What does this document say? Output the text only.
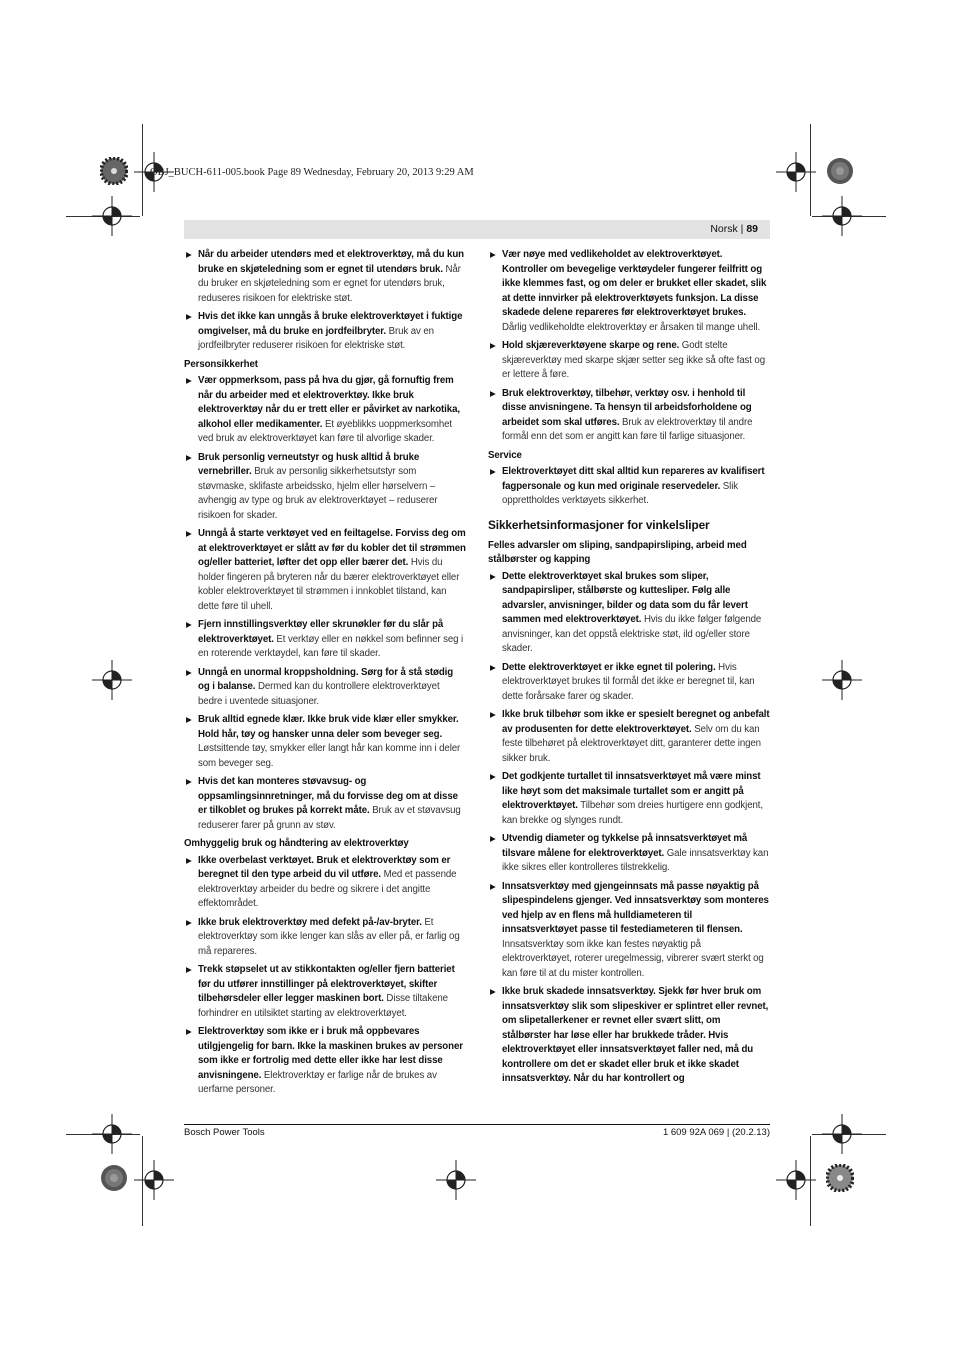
OBJ_BUCH-611-005.book Page 89 Wednesday, February 20, 2013 9:29 AM
Norsk | 89

▶ Når du arbeider utendørs med et elektroverktøy, må du kun bruke en skjøteledning som er egnet til utendørs bruk. Når du bruker en skjøteledning som er egnet for utendørs bruk, reduseres risikoen for elektriske støt.

▶ Hvis det ikke kan unngås å bruke elektroverktøyet i fuktige omgivelser, må du bruke en jordfeilbryter. Bruk av en jordfeilbryter reduserer risikoen for elektriske støt.

Personsikkerhet

▶ Vær oppmerksom, pass på hva du gjør, gå fornuftig frem når du arbeider med et elektroverktøy. Ikke bruk elektroverktøy når du er trett eller er påvirket av narkotika, alkohol eller medikamenter. Et øyeblikks uoppmerksomhet ved bruk av elektroverktøyet kan føre til alvorlige skader.

▶ Bruk personlig verneutstyr og husk alltid å bruke vernebriller. Bruk av personlig sikkerhetsutstyr som støvmaske, sklifaste arbeidssko, hjelm eller hørselvern – avhengig av type og bruk av elektroverktøyet – reduserer risikoen for skader.

▶ Unngå å starte verktøyet ved en feiltagelse. Forviss deg om at elektroverktøyet er slått av før du kobler det til strømmen og/eller batteriet, løfter det opp eller bærer det. Hvis du holder fingeren på bryteren når du bærer elektroverktøyet eller kobler elektroverktøyet til strømmen i innkoblet tilstand, kan dette føre til uhell.

▶ Fjern innstillingsverktøy eller skrunøkler før du slår på elektroverktøyet. Et verktøy eller en nøkkel som befinner seg i en roterende verktøydel, kan føre til skader.

▶ Unngå en unormal kroppsholdning. Sørg for å stå stødig og i balanse. Dermed kan du kontrollere elektroverktøyet bedre i uventede situasjoner.

▶ Bruk alltid egnede klær. Ikke bruk vide klær eller smykker. Hold hår, tøy og hansker unna deler som beveger seg. Løstsittende tøy, smykker eller langt hår kan komme inn i deler som beveger seg.

▶ Hvis det kan monteres støvavsug- og oppsamlingsinnretninger, må du forvisse deg om at disse er tilkoblet og brukes på korrekt måte. Bruk av et støvavsug reduserer farer på grunn av støv.

Omhyggelig bruk og håndtering av elektroverktøy

▶ Ikke overbelast verktøyet. Bruk et elektroverktøy som er beregnet til den type arbeid du vil utføre. Med et passende elektroverktøy arbeider du bedre og sikrere i det angitte effektområdet.

▶ Ikke bruk elektroverktøy med defekt på-/av-bryter. Et elektroverktøy som ikke lenger kan slås av eller på, er farlig og må repareres.

▶ Trekk støpselet ut av stikkontakten og/eller fjern batteriet før du utfører innstillinger på elektroverktøyet, skifter tilbehørsdeler eller legger maskinen bort. Disse tiltakene forhindrer en utilsiktet starting av elektroverktøyet.

▶ Elektroverktøy som ikke er i bruk må oppbevares utilgjengelig for barn. Ikke la maskinen brukes av personer som ikke er fortrolig med dette eller ikke har lest disse anvisningene. Elektroverktøy er farlige når de brukes av uerfarne personer.

▶ Vær nøye med vedlikeholdet av elektroverktøyet. Kontroller om bevegelige verktøydeler fungerer feilfritt og ikke klemmes fast, og om deler er brukket eller skadet, slik at dette innvirker på elektroverktøyets funksjon. La disse skadede delene repareres før elektroverktøyet brukes. Dårlig vedlikeholdte elektroverktøy er årsaken til mange uhell.

▶ Hold skjæreverktøyene skarpe og rene. Godt stelte skjæreverktøy med skarpe skjær setter seg ikke så ofte fast og er lettere å føre.

▶ Bruk elektroverktøy, tilbehør, verktøy osv. i henhold til disse anvisningene. Ta hensyn til arbeidsforholdene og arbeidet som skal utføres. Bruk av elektroverktøy til andre formål enn det som er angitt kan føre til farlige situasjoner.

Service

▶ Elektroverktøyet ditt skal alltid kun repareres av kvalifisert fagpersonale og kun med originale reservedeler. Slik opprettholdes verktøyets sikkerhet.

Sikkerhetsinformasjoner for vinkelsliper
Felles advarsler om sliping, sandpapirsliping, arbeid med stålbørster og kapping

▶ Dette elektroverktøyet skal brukes som sliper, sandpapirsliper, stålbørste og kuttesliper. Følg alle advarsler, anvisninger, bilder og data som du får levert sammen med elektroverktøyet. Hvis du ikke følger følgende anvisninger, kan det oppstå elektriske støt, ild og/eller store skader.

▶ Dette elektroverktøyet er ikke egnet til polering. Hvis elektroverktøyet brukes til formål det ikke er beregnet til, kan dette forårsake farer og skader.

▶ Ikke bruk tilbehør som ikke er spesielt beregnet og anbefalt av produsenten for dette elektroverktøyet. Selv om du kan feste tilbehøret på elektroverktøyet ditt, garanterer dette ingen sikker bruk.

▶ Det godkjente turtallet til innsatsverktøyet må være minst like høyt som det maksimale turtallet som er angitt på elektroverktøyet. Tilbehør som dreies hurtigere enn godkjent, kan brekke og slynges rundt.

▶ Utvendig diameter og tykkelse på innsatsverktøyet må tilsvare målene for elektroverktøyet. Gale innsatsverktøy kan ikke sikres eller kontrolleres tilstrekkelig.

▶ Innsatsverktøy med gjengeinnsats må passe nøyaktig på slipespindelens gjenger. Ved innsatsverktøy som monteres ved hjelp av en flens må hulldiameteren til innsatsverktøyet passe til festediameteren til flensen. Innsatsverktøy som ikke kan festes nøyaktig på elektroverktøyet, roterer uregelmessig, vibrerer svært sterkt og kan føre til at du mister kontrollen.

▶ Ikke bruk skadede innsatsverktøy. Sjekk før hver bruk om innsatsverktøy slik som slipeskiver er splintret eller revnet, om slipetallerkener er revnet eller svært slitt, om stålbørster har løse eller har brukkede tråder. Hvis elektroverktøyet eller innsatsverktøyet faller ned, må du kontrollere om det er skadet eller bruk et ikke skadet innsatsverktøy. Når du har kontrollert og

Bosch Power Tools	1 609 92A 069 | (20.2.13)
